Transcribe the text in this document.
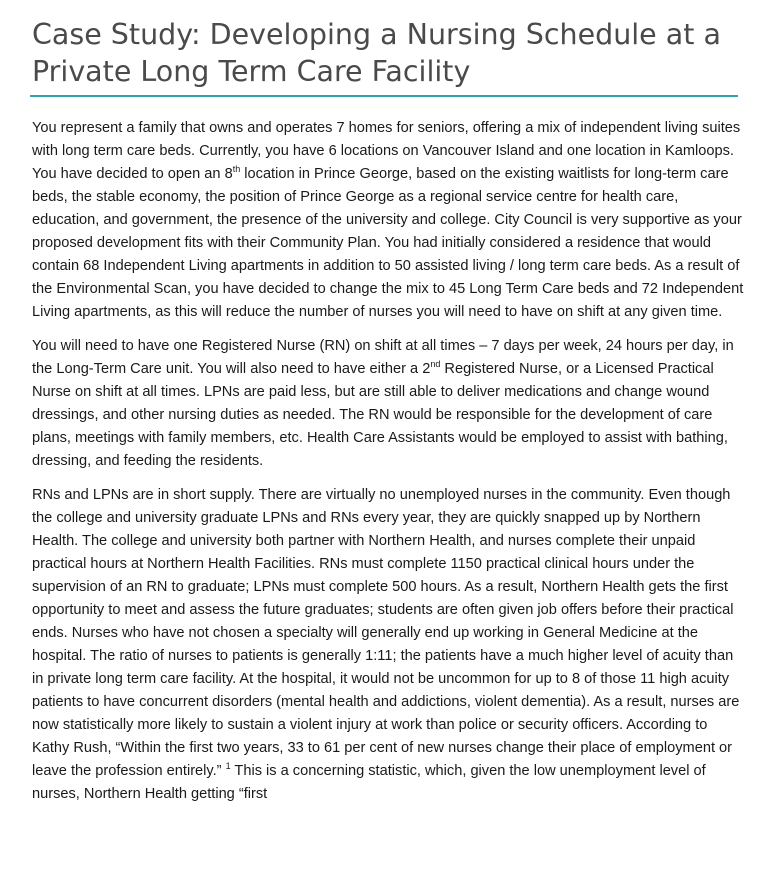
Case Study: Developing a Nursing Schedule at a
Private Long Term Care Facility

You represent a family that owns and operates 7 homes for seniors, offering a mix of independent living suites with long term care beds. Currently, you have 6 locations on Vancouver Island and one location in Kamloops. You have decided to open an 8th location in Prince George, based on the existing waitlists for long-term care beds, the stable economy, the position of Prince George as a regional service centre for health care, education, and government, the presence of the university and college. City Council is very supportive as your proposed development fits with their Community Plan. You had initially considered a residence that would contain 68 Independent Living apartments in addition to 50 assisted living / long term care beds. As a result of the Environmental Scan, you have decided to change the mix to 45 Long Term Care beds and 72 Independent Living apartments, as this will reduce the number of nurses you will need to have on shift at any given time.

You will need to have one Registered Nurse (RN) on shift at all times – 7 days per week, 24 hours per day, in the Long-Term Care unit. You will also need to have either a 2nd Registered Nurse, or a Licensed Practical Nurse on shift at all times. LPNs are paid less, but are still able to deliver medications and change wound dressings, and other nursing duties as needed. The RN would be responsible for the development of care plans, meetings with family members, etc. Health Care Assistants would be employed to assist with bathing, dressing, and feeding the residents.

RNs and LPNs are in short supply. There are virtually no unemployed nurses in the community. Even though the college and university graduate LPNs and RNs every year, they are quickly snapped up by Northern Health. The college and university both partner with Northern Health, and nurses complete their unpaid practical hours at Northern Health Facilities. RNs must complete 1150 practical clinical hours under the supervision of an RN to graduate; LPNs must complete 500 hours. As a result, Northern Health gets the first opportunity to meet and assess the future graduates; students are often given job offers before their practical ends. Nurses who have not chosen a specialty will generally end up working in General Medicine at the hospital. The ratio of nurses to patients is generally 1:11; the patients have a much higher level of acuity than in private long term care facility. At the hospital, it would not be uncommon for up to 8 of those 11 high acuity patients to have concurrent disorders (mental health and addictions, violent dementia). As a result, nurses are now statistically more likely to sustain a violent injury at work than police or security officers. According to Kathy Rush, “Within the first two years, 33 to 61 per cent of new nurses change their place of employment or leave the profession entirely.” $^1$ This is a concerning statistic, which, given the low unemployment level of nurses, Northern Health getting “first
